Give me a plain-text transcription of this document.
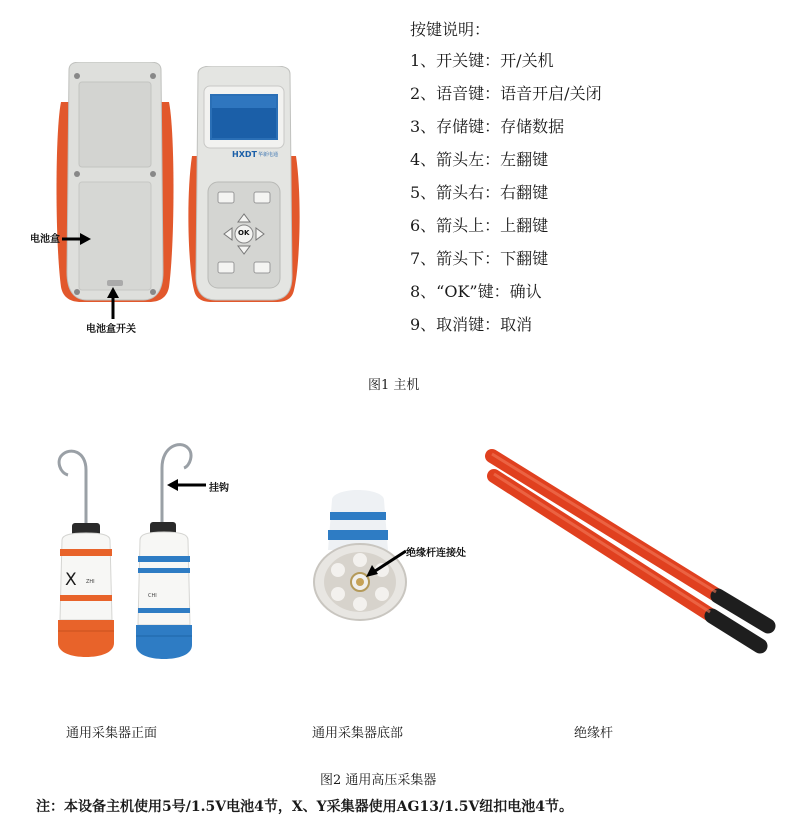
HXDT 华新电通
OK
电池盒
电池盒开关
按键说明：
1、开关键：开/关机
2、语音键：语音开启/关闭
3、存储键：存储数据
4、箭头左：左翻键
5、箭头右：右翻键
6、箭头上：上翻键
7、箭头下：下翻键
8、“OK”键：确认
9、取消键：取消
图1 主机
X ZHI
CHI
挂钩
绝缘杆连接处
通用采集器正面	通用采集器底部	绝缘杆
图2 通用高压采集器
注：本设备主机使用5号/1.5V电池4节，X、Y采集器使用AG13/1.5V纽扣电池4节。
